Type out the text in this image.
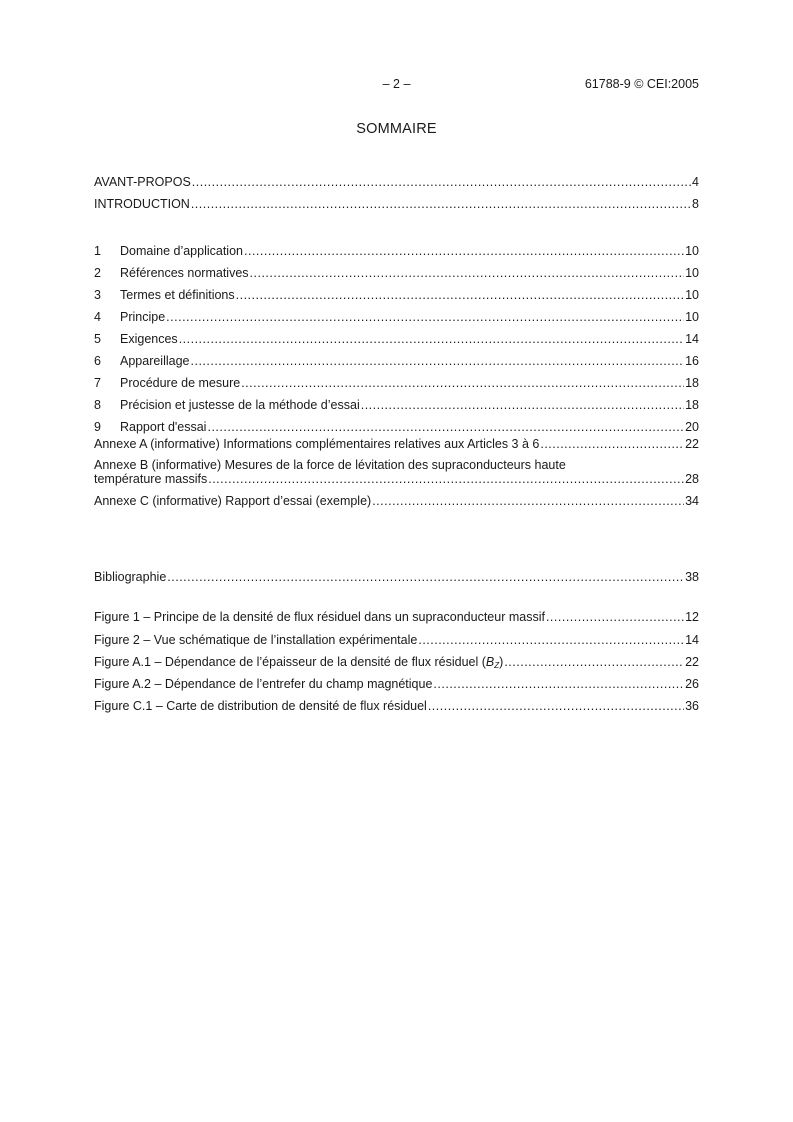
– 2 –	61788-9 © CEI:2005
SOMMAIRE
AVANT-PROPOS .....	4
INTRODUCTION .....	8
1	Domaine d’application .....	10
2	Références normatives .....	10
3	Termes et définitions .....	10
4	Principe .....	10
5	Exigences .....	14
6	Appareillage .....	16
7	Procédure de mesure .....	18
8	Précision et justesse de la méthode d’essai .....	18
9	Rapport d'essai .....	20
Annexe A (informative) Informations complémentaires relatives aux Articles 3 à 6 .....	22
Annexe B (informative) Mesures de la force de lévitation des supraconducteurs haute
température massifs .....	28
Annexe C (informative) Rapport d’essai (exemple) .....	34
Bibliographie .....	38
Figure 1 – Principe de la densité de flux résiduel dans un supraconducteur massif .....	12
Figure 2 – Vue schématique de l’installation expérimentale .....	14
Figure A.1 – Dépendance de l’épaisseur de la densité de flux résiduel $(B_Z)$ .....	22
Figure A.2 – Dépendance de l’entrefer du champ magnétique .....	26
Figure C.1 – Carte de distribution de densité de flux résiduel .....	36
